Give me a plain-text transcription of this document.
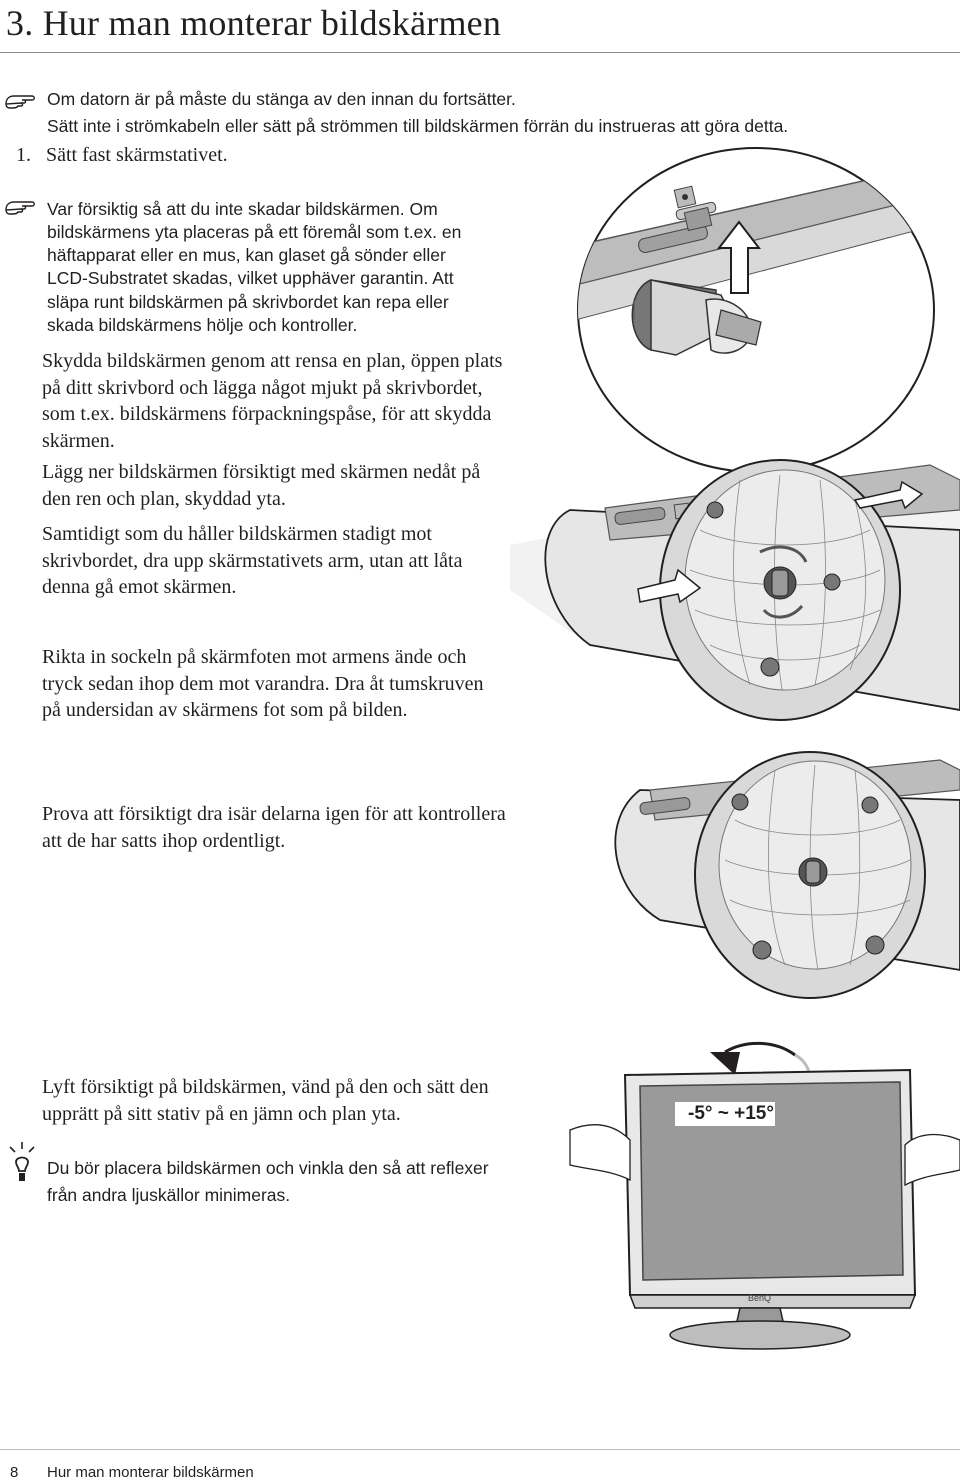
3. Hur man monterar bildskärmen
Om datorn är på måste du stänga av den innan du fortsätter.
Sätt inte i strömkabeln eller sätt på strömmen till bildskärmen förrän du instrueras att göra detta.
1. Sätt fast skärmstativet.
Var försiktig så att du inte skadar bildskärmen. Om
bildskärmens yta placeras på ett föremål som t.ex. en
häftapparat eller en mus, kan glaset gå sönder eller
LCD-Substratet skadas, vilket upphäver garantin. Att
släpa runt bildskärmen på skrivbordet kan repa eller
skada bildskärmens hölje och kontroller.
Skydda bildskärmen genom att rensa en plan, öppen plats
på ditt skrivbord och lägga något mjukt på skrivbordet,
som t.ex. bildskärmens förpackningspåse, för att skydda
skärmen.
Lägg ner bildskärmen försiktigt med skärmen nedåt på
den ren och plan, skyddad yta.
Samtidigt som du håller bildskärmen stadigt mot
skrivbordet, dra upp skärmstativets arm, utan att låta
denna gå emot skärmen.
Rikta in sockeln på skärmfoten mot armens ände och
tryck sedan ihop dem mot varandra. Dra åt tumskruven
på undersidan av skärmens fot som på bilden.
Prova att försiktigt dra isär delarna igen för att kontrollera
att de har satts ihop ordentligt.
Lyft försiktigt på bildskärmen, vänd på den och sätt den
upprätt på sitt stativ på en jämn och plan yta.
Du bör placera bildskärmen och vinkla den så att reflexer
från andra ljuskällor minimeras.
-5° ~ +15°
BenQ
8 Hur man monterar bildskärmen
